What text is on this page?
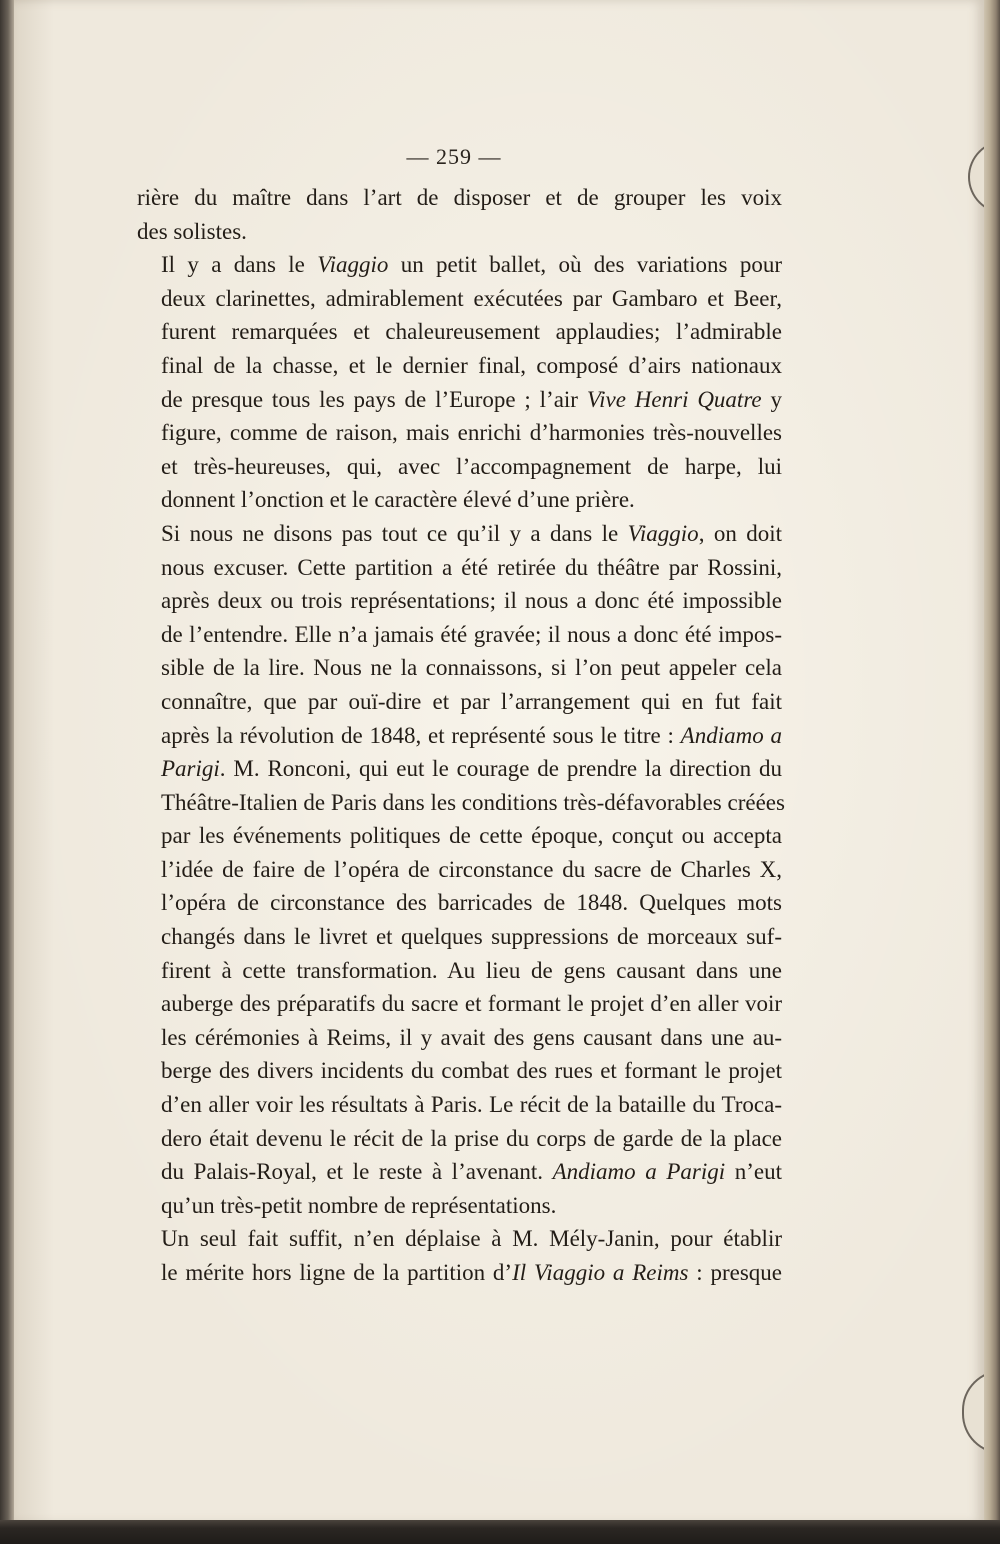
— 259 —

rière du maître dans l’art de disposer et de grouper les voix
des solistes.

Il y a dans le Viaggio un petit ballet, où des variations pour
deux clarinettes, admirablement exécutées par Gambaro et Beer,
furent remarquées et chaleureusement applaudies; l’admirable
final de la chasse, et le dernier final, composé d’airs nationaux
de presque tous les pays de l’Europe ; l’air Vive Henri Quatre y
figure, comme de raison, mais enrichi d’harmonies très-nouvelles
et très-heureuses, qui, avec l’accompagnement de harpe, lui
donnent l’onction et le caractère élevé d’une prière.

Si nous ne disons pas tout ce qu’il y a dans le Viaggio, on doit
nous excuser. Cette partition a été retirée du théâtre par Rossini,
après deux ou trois représentations; il nous a donc été impossible
de l’entendre. Elle n’a jamais été gravée; il nous a donc été impos-
sible de la lire. Nous ne la connaissons, si l’on peut appeler cela
connaître, que par ouï-dire et par l’arrangement qui en fut fait
après la révolution de 1848, et représenté sous le titre : Andiamo a
Parigi. M. Ronconi, qui eut le courage de prendre la direction du
Théâtre-Italien de Paris dans les conditions très-défavorables créées
par les événements politiques de cette époque, conçut ou accepta
l’idée de faire de l’opéra de circonstance du sacre de Charles X,
l’opéra de circonstance des barricades de 1848. Quelques mots
changés dans le livret et quelques suppressions de morceaux suf-
firent à cette transformation. Au lieu de gens causant dans une
auberge des préparatifs du sacre et formant le projet d’en aller voir
les cérémonies à Reims, il y avait des gens causant dans une au-
berge des divers incidents du combat des rues et formant le projet
d’en aller voir les résultats à Paris. Le récit de la bataille du Troca-
dero était devenu le récit de la prise du corps de garde de la place
du Palais-Royal, et le reste à l’avenant. Andiamo a Parigi n’eut
qu’un très-petit nombre de représentations.

Un seul fait suffit, n’en déplaise à M. Mély-Janin, pour établir
le mérite hors ligne de la partition d’Il Viaggio a Reims : presque
